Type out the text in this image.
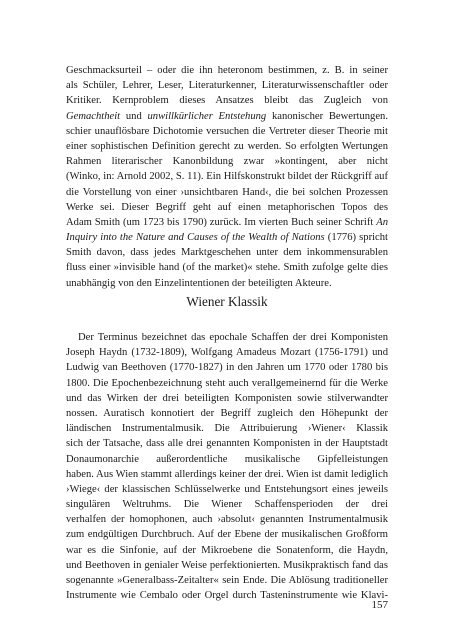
Geschmacksurteil – oder die ihn heteronom bestimmen, z. B. in seiner
als Schüler, Lehrer, Leser, Literaturkenner, Literaturwissenschaftler oder
Kritiker. Kernproblem dieses Ansatzes bleibt das Zugleich von
Gemachtheit und unwillkürlicher Entstehung kanonischer Bewertungen.
schier unauflösbare Dichotomie versuchen die Vertreter dieser Theorie mit
einer sophistischen Definition gerecht zu werden. So erfolgten Wertungen
Rahmen literarischer Kanonbildung zwar »kontingent, aber nicht
(Winko, in: Arnold 2002, S. 11). Ein Hilfskonstrukt bildet der Rückgriff auf
die Vorstellung von einer ›unsichtbaren Hand‹, die bei solchen Prozessen
Werke sei. Dieser Begriff geht auf einen metaphorischen Topos des
Adam Smith (um 1723 bis 1790) zurück. Im vierten Buch seiner Schrift An
Inquiry into the Nature and Causes of the Wealth of Nations (1776) spricht
Smith davon, dass jedes Marktgeschehen unter dem inkommensurablen
fluss einer »invisible hand (of the market)« stehe. Smith zufolge gelte dies
unabhängig von den Einzelintentionen der beteiligten Akteure.
Wiener Klassik
Der Terminus bezeichnet das epochale Schaffen der drei Komponisten
Joseph Haydn (1732-1809), Wolfgang Amadeus Mozart (1756-1791) und
Ludwig van Beethoven (1770-1827) in den Jahren um 1770 oder 1780 bis
1800. Die Epochenbezeichnung steht auch verallgemeinernd für die Werke
und das Wirken der drei beteiligten Komponisten sowie stilverwandter
nossen. Auratisch konnotiert der Begriff zugleich den Höhepunkt der
ländischen Instrumentalmusik. Die Attribuierung ›Wiener‹ Klassik
sich der Tatsache, dass alle drei genannten Komponisten in der Hauptstadt
Donaumonarchie außerordentliche musikalische Gipfelleistungen
haben. Aus Wien stammt allerdings keiner der drei. Wien ist damit lediglich
›Wiege‹ der klassischen Schlüsselwerke und Entstehungsort eines jeweils
singulären Weltruhms. Die Wiener Schaffensperioden der drei
verhalfen der homophonen, auch ›absolut‹ genannten Instrumentalmusik
zum endgültigen Durchbruch. Auf der Ebene der musikalischen Großform
war es die Sinfonie, auf der Mikroebene die Sonatenform, die Haydn,
und Beethoven in genialer Weise perfektionierten. Musikpraktisch fand das
sogenannte »Generalbass-Zeitalter« sein Ende. Die Ablösung traditioneller
Instrumente wie Cembalo oder Orgel durch Tasteninstrumente wie Klavi-
157
